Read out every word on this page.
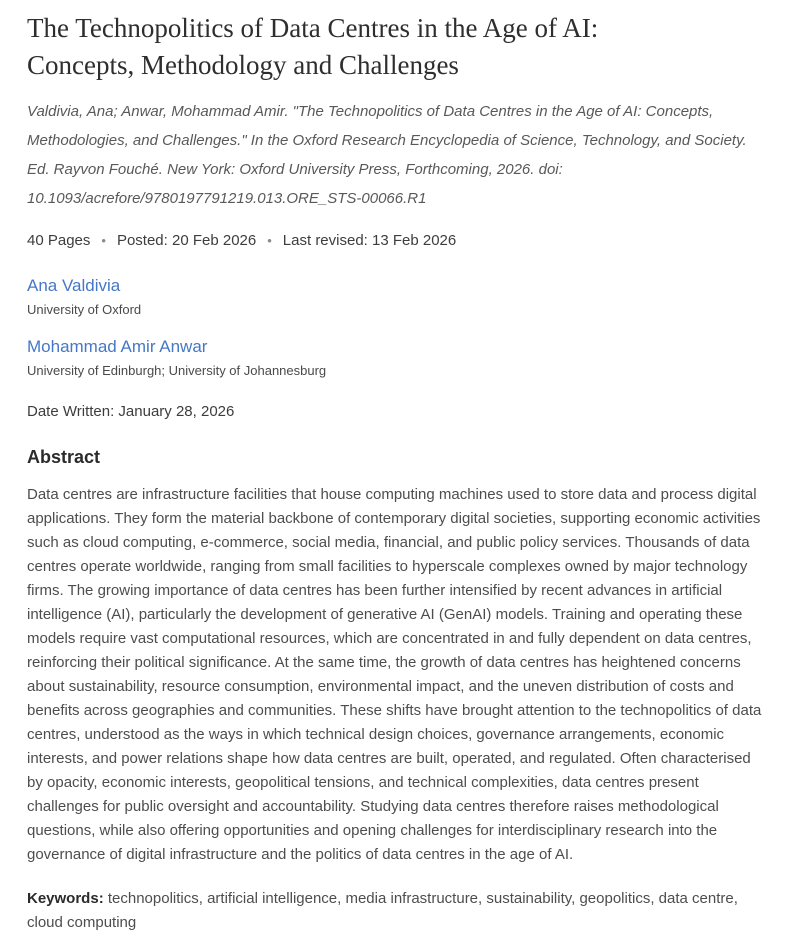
The Technopolitics of Data Centres in the Age of AI:
Concepts, Methodology and Challenges

Valdivia, Ana; Anwar, Mohammad Amir. "The Technopolitics of Data Centres in the Age of AI: Concepts, Methodologies, and Challenges." In the Oxford Research Encyclopedia of Science, Technology, and Society. Ed. Rayvon Fouché. New York: Oxford University Press, Forthcoming, 2026. doi: 10.1093/acrefore/9780197791219.013.ORE_STS-00066.R1

40 Pages • Posted: 20 Feb 2026 • Last revised: 13 Feb 2026
Ana Valdivia
University of Oxford
Mohammad Amir Anwar
University of Edinburgh; University of Johannesburg
Date Written: January 28, 2026
Abstract

Data centres are infrastructure facilities that house computing machines used to store data and process digital applications. They form the material backbone of contemporary digital societies, supporting economic activities such as cloud computing, e-commerce, social media, financial, and public policy services. Thousands of data centres operate worldwide, ranging from small facilities to hyperscale complexes owned by major technology firms. The growing importance of data centres has been further intensified by recent advances in artificial intelligence (AI), particularly the development of generative AI (GenAI) models. Training and operating these models require vast computational resources, which are concentrated in and fully dependent on data centres, reinforcing their political significance. At the same time, the growth of data centres has heightened concerns about sustainability, resource consumption, environmental impact, and the uneven distribution of costs and benefits across geographies and communities. These shifts have brought attention to the technopolitics of data centres, understood as the ways in which technical design choices, governance arrangements, economic interests, and power relations shape how data centres are built, operated, and regulated. Often characterised by opacity, economic interests, geopolitical tensions, and technical complexities, data centres present challenges for public oversight and accountability. Studying data centres therefore raises methodological questions, while also offering opportunities and opening challenges for interdisciplinary research into the governance of digital infrastructure and the politics of data centres in the age of AI.

Keywords: technopolitics, artificial intelligence, media infrastructure, sustainability, geopolitics, data centre, cloud computing
